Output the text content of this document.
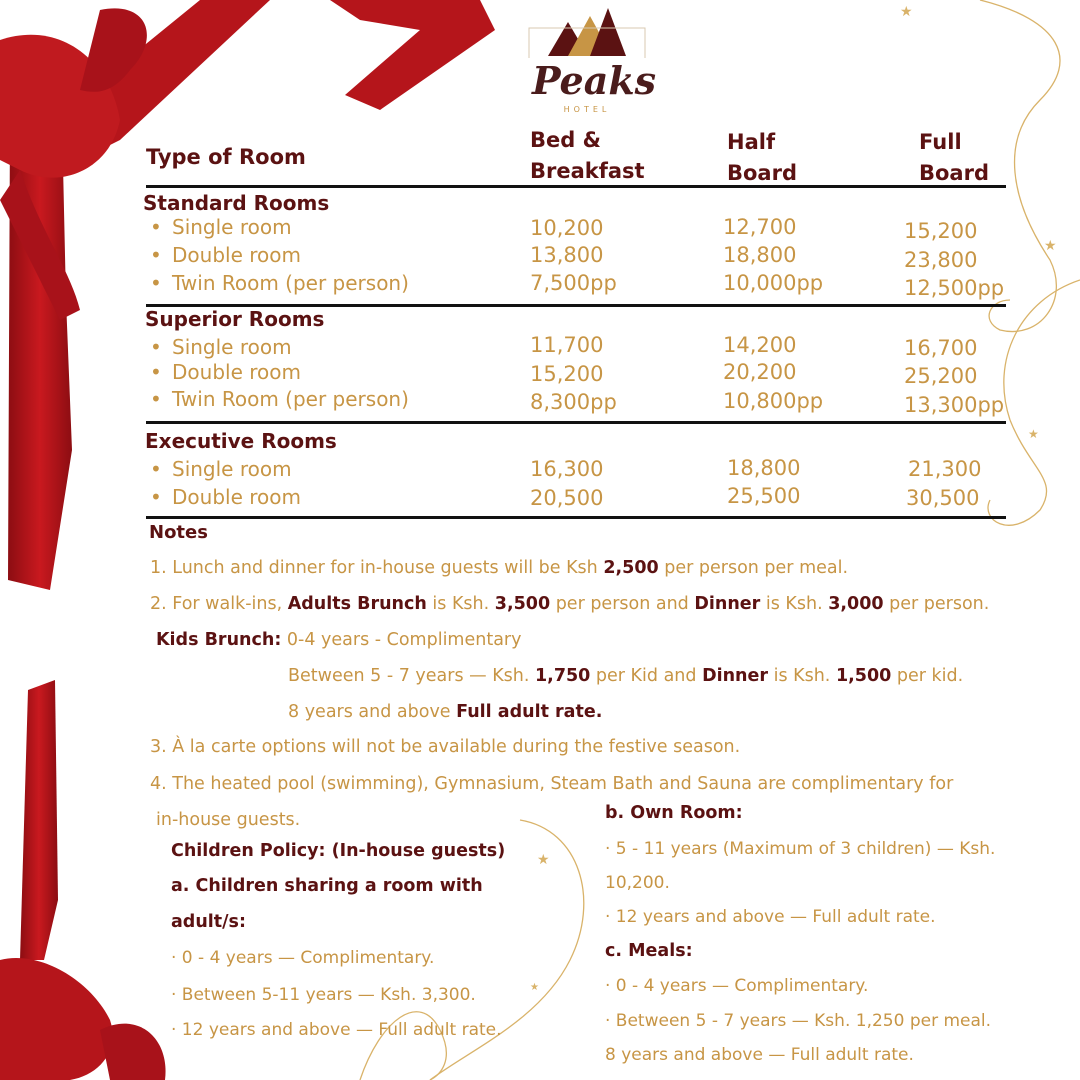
★
★
★
★
★
Peaks
HOTEL
Type of Room
Bed &
Breakfast
Half
Board
Full
Board
Standard Rooms
• Single room
• Double room
• Twin Room (per person)
10,200
13,800
7,500pp
12,700
18,800
10,000pp
15,200
23,800
12,500pp
Superior Rooms
• Single room
• Double room
• Twin Room (per person)
11,700
15,200
8,300pp
14,200
20,200
10,800pp
16,700
25,200
13,300pp
Executive Rooms
• Single room
• Double room
16,300
20,500
18,800
25,500
21,300
30,500
Notes
1. Lunch and dinner for in-house guests will be Ksh 2,500 per person per meal.
2. For walk-ins, Adults Brunch is Ksh. 3,500 per person and Dinner is Ksh. 3,000 per person.
Kids Brunch: 0-4 years - Complimentary
Between 5 - 7 years — Ksh. 1,750 per Kid and Dinner is Ksh. 1,500 per kid.
8 years and above Full adult rate.
3. À la carte options will not be available during the festive season.
4. The heated pool (swimming), Gymnasium, Steam Bath and Sauna are complimentary for
in-house guests.
Children Policy: (In-house guests)
a. Children sharing a room with
adult/s:
· 0 - 4 years — Complimentary.
· Between 5-11 years — Ksh. 3,300.
· 12 years and above — Full adult rate.
b. Own Room:
· 5 - 11 years (Maximum of 3 children) — Ksh.
10,200.
· 12 years and above — Full adult rate.
c. Meals:
· 0 - 4 years — Complimentary.
· Between 5 - 7 years — Ksh. 1,250 per meal.
8 years and above — Full adult rate.
